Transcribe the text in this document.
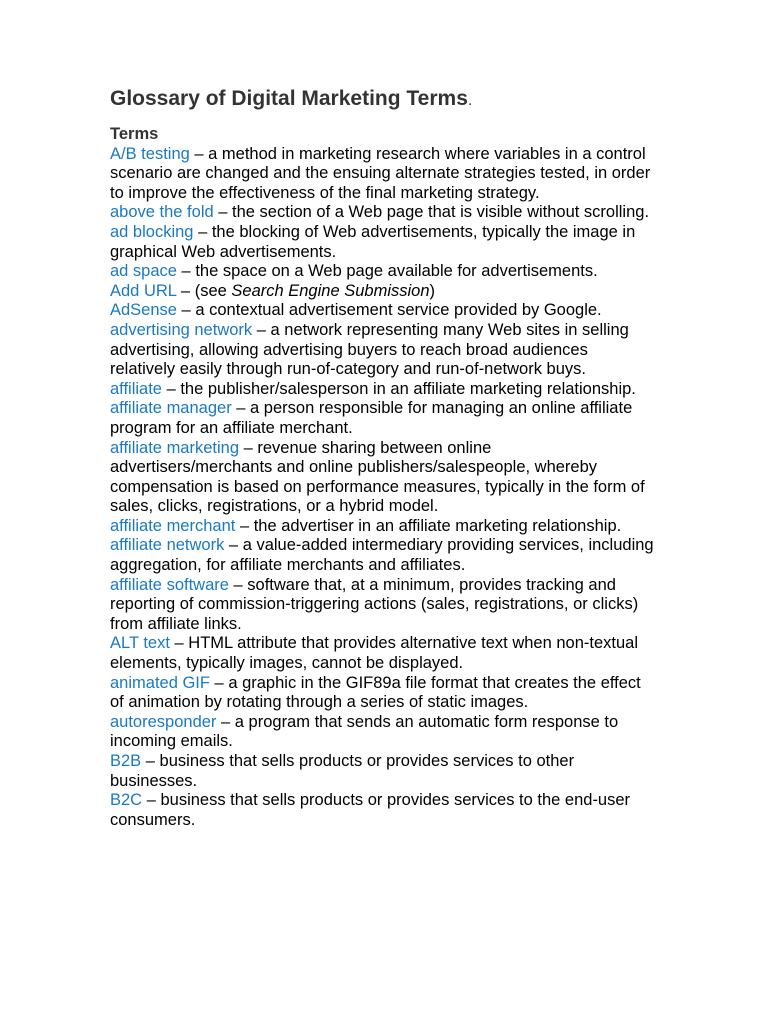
Glossary of Digital Marketing Terms.
Terms

A/B testing – a method in marketing research where variables in a control scenario are changed and the ensuing alternate strategies tested, in order to improve the effectiveness of the final marketing strategy.

above the fold – the section of a Web page that is visible without scrolling.

ad blocking – the blocking of Web advertisements, typically the image in graphical Web advertisements.

ad space – the space on a Web page available for advertisements.

Add URL – (see Search Engine Submission)

AdSense – a contextual advertisement service provided by Google.

advertising network – a network representing many Web sites in selling advertising, allowing advertising buyers to reach broad audiences relatively easily through run-of-category and run-of-network buys.

affiliate – the publisher/salesperson in an affiliate marketing relationship.

affiliate manager – a person responsible for managing an online affiliate program for an affiliate merchant.

affiliate marketing – revenue sharing between online advertisers/merchants and online publishers/salespeople, whereby compensation is based on performance measures, typically in the form of sales, clicks, registrations, or a hybrid model.

affiliate merchant – the advertiser in an affiliate marketing relationship.

affiliate network – a value-added intermediary providing services, including aggregation, for affiliate merchants and affiliates.

affiliate software – software that, at a minimum, provides tracking and reporting of commission-triggering actions (sales, registrations, or clicks) from affiliate links.

ALT text – HTML attribute that provides alternative text when non-textual elements, typically images, cannot be displayed.

animated GIF – a graphic in the GIF89a file format that creates the effect of animation by rotating through a series of static images.

autoresponder – a program that sends an automatic form response to incoming emails.

B2B – business that sells products or provides services to other businesses.

B2C – business that sells products or provides services to the end-user consumers.
